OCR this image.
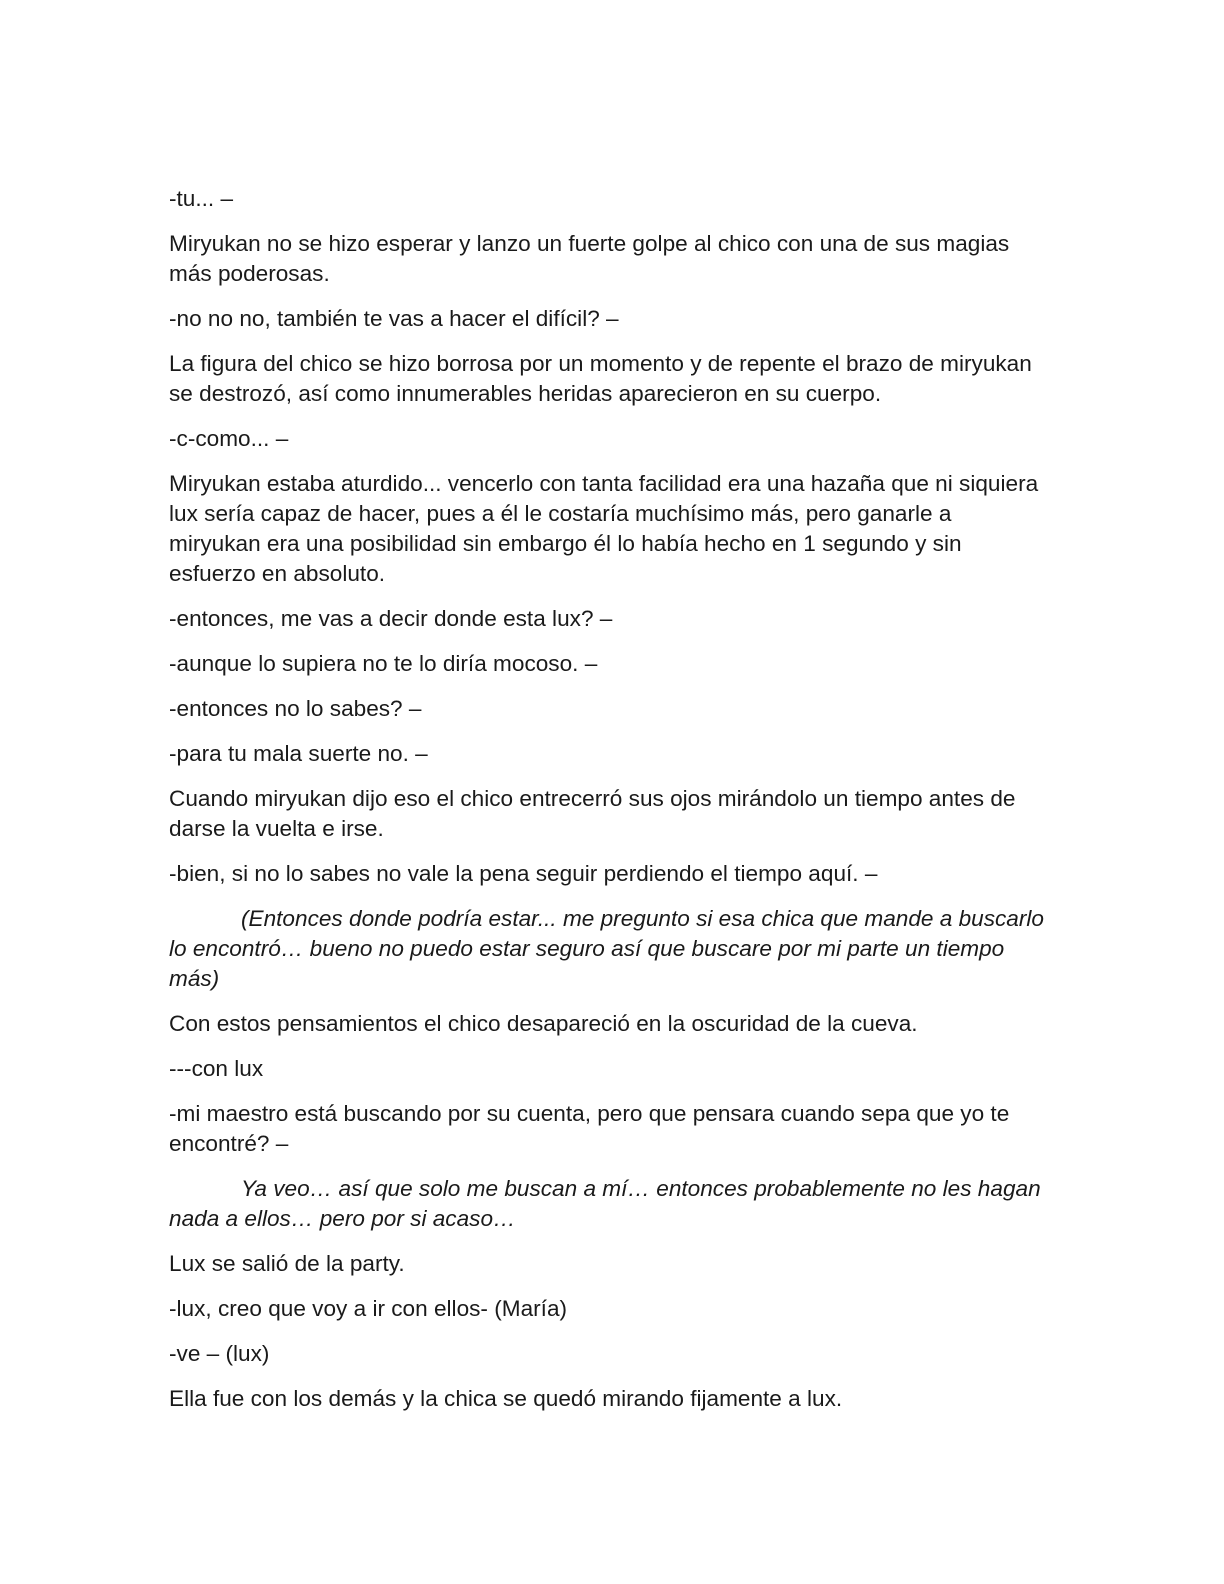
-tu... –

Miryukan no se hizo esperar y lanzo un fuerte golpe al chico con una de sus magias más poderosas.

-no no no, también te vas a hacer el difícil? –

La figura del chico se hizo borrosa por un momento y de repente el brazo de miryukan se destrozó, así como innumerables heridas aparecieron en su cuerpo.

-c-como... –

Miryukan estaba aturdido... vencerlo con tanta facilidad era una hazaña que ni siquiera lux sería capaz de hacer, pues a él le costaría muchísimo más, pero ganarle a miryukan era una posibilidad sin embargo él lo había hecho en 1 segundo y sin esfuerzo en absoluto.

-entonces, me vas a decir donde esta lux? –

-aunque lo supiera no te lo diría mocoso. –

-entonces no lo sabes? –

-para tu mala suerte no. –

Cuando miryukan dijo eso el chico entrecerró sus ojos mirándolo un tiempo antes de darse la vuelta e irse.

-bien, si no lo sabes no vale la pena seguir perdiendo el tiempo aquí. –

(Entonces donde podría estar... me pregunto si esa chica que mande a buscarlo lo encontró… bueno no puedo estar seguro así que buscare por mi parte un tiempo más)

Con estos pensamientos el chico desapareció en la oscuridad de la cueva.

---con lux

-mi maestro está buscando por su cuenta, pero que pensara cuando sepa que yo te encontré? –

Ya veo… así que solo me buscan a mí… entonces probablemente no les hagan nada a ellos… pero por si acaso…

Lux se salió de la party.

-lux, creo que voy a ir con ellos- (María)

-ve – (lux)

Ella fue con los demás y la chica se quedó mirando fijamente a lux.
